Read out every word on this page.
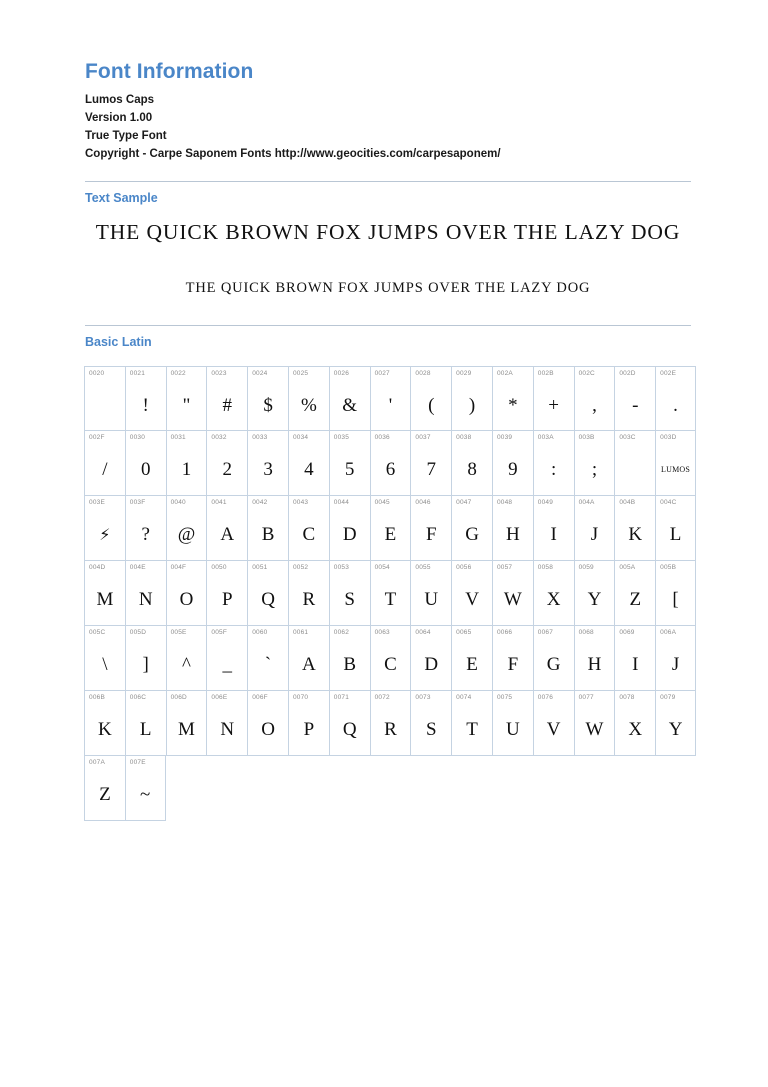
Font Information
Lumos Caps
Version 1.00
True Type Font
Copyright - Carpe Saponem Fonts http://www.geocities.com/carpesaponem/
Text Sample
THE QUICK BROWN FOX JUMPS OVER THE LAZY DOG
THE QUICK BROWN FOX JUMPS OVER THE LAZY DOG
Basic Latin
0020	0021
!
0022
"
0023
#
0024
$
0025
%
0026
&
0027
'
0028
(
0029
)
002A
*
002B
+
002C
,
002D
-
002E
.
002F
/
0030
0
0031
1
0032
2
0033
3
0034
4
0035
5
0036
6
0037
7
0038
8
0039
9
003A
:
003B
;
003C	003D
LUMOS
003E
⚡
003F
?
0040
@
0041
A
0042
B
0043
C
0044
D
0045
E
0046
F
0047
G
0048
H
0049
I
004A
J
004B
K
004C
L
004D
M
004E
N
004F
O
0050
P
0051
Q
0052
R
0053
S
0054
T
0055
U
0056
V
0057
W
0058
X
0059
Y
005A
Z
005B
[
005C
\
005D
]
005E
^
005F
_
0060
`
0061
A
0062
B
0063
C
0064
D
0065
E
0066
F
0067
G
0068
H
0069
I
006A
J
006B
K
006C
L
006D
M
006E
N
006F
O
0070
P
0071
Q
0072
R
0073
S
0074
T
0075
U
0076
V
0077
W
0078
X
0079
Y
007A
Z
007E
~
